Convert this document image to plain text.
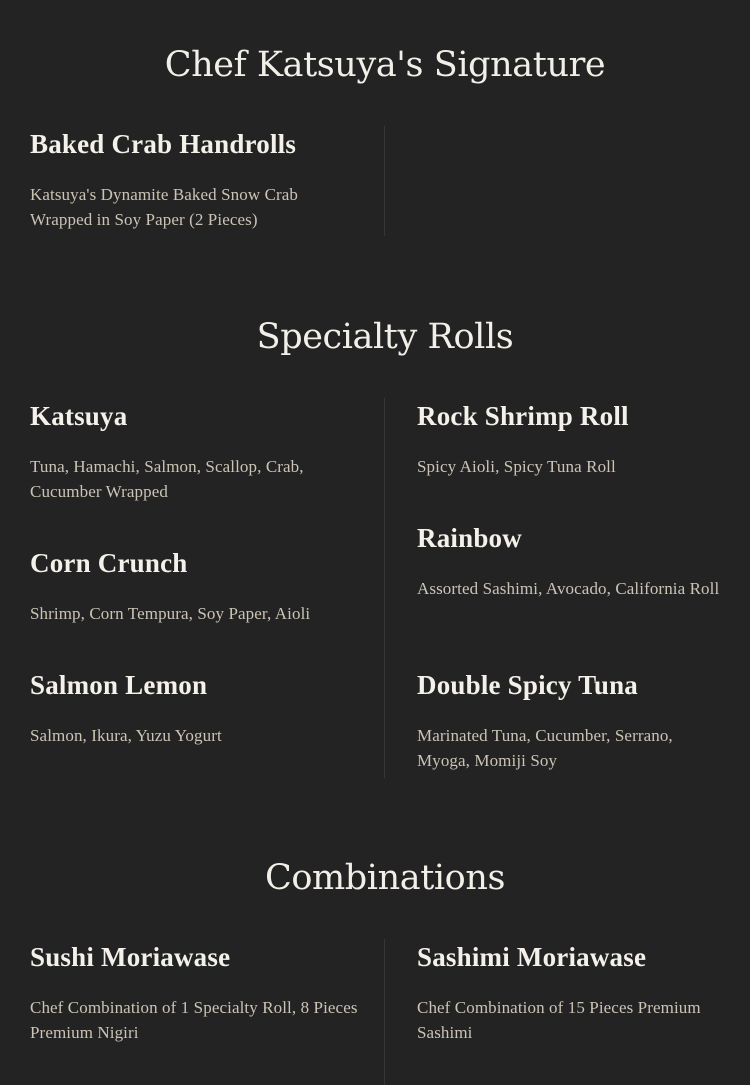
Chef Katsuya's Signature
Baked Crab Handrolls

Katsuya's Dynamite Baked Snow Crab Wrapped in Soy Paper (2 Pieces)

Specialty Rolls
Katsuya

Tuna, Hamachi, Salmon, Scallop, Crab, Cucumber Wrapped

Rock Shrimp Roll

Spicy Aioli, Spicy Tuna Roll

Rainbow

Assorted Sashimi, Avocado, California Roll

Corn Crunch

Shrimp, Corn Tempura, Soy Paper, Aioli

Salmon Lemon

Salmon, Ikura, Yuzu Yogurt

Double Spicy Tuna

Marinated Tuna, Cucumber, Serrano, Myoga, Momiji Soy

Combinations
Sushi Moriawase

Chef Combination of 1 Specialty Roll, 8 Pieces Premium Nigiri

Sashimi Moriawase

Chef Combination of 15 Pieces Premium Sashimi
